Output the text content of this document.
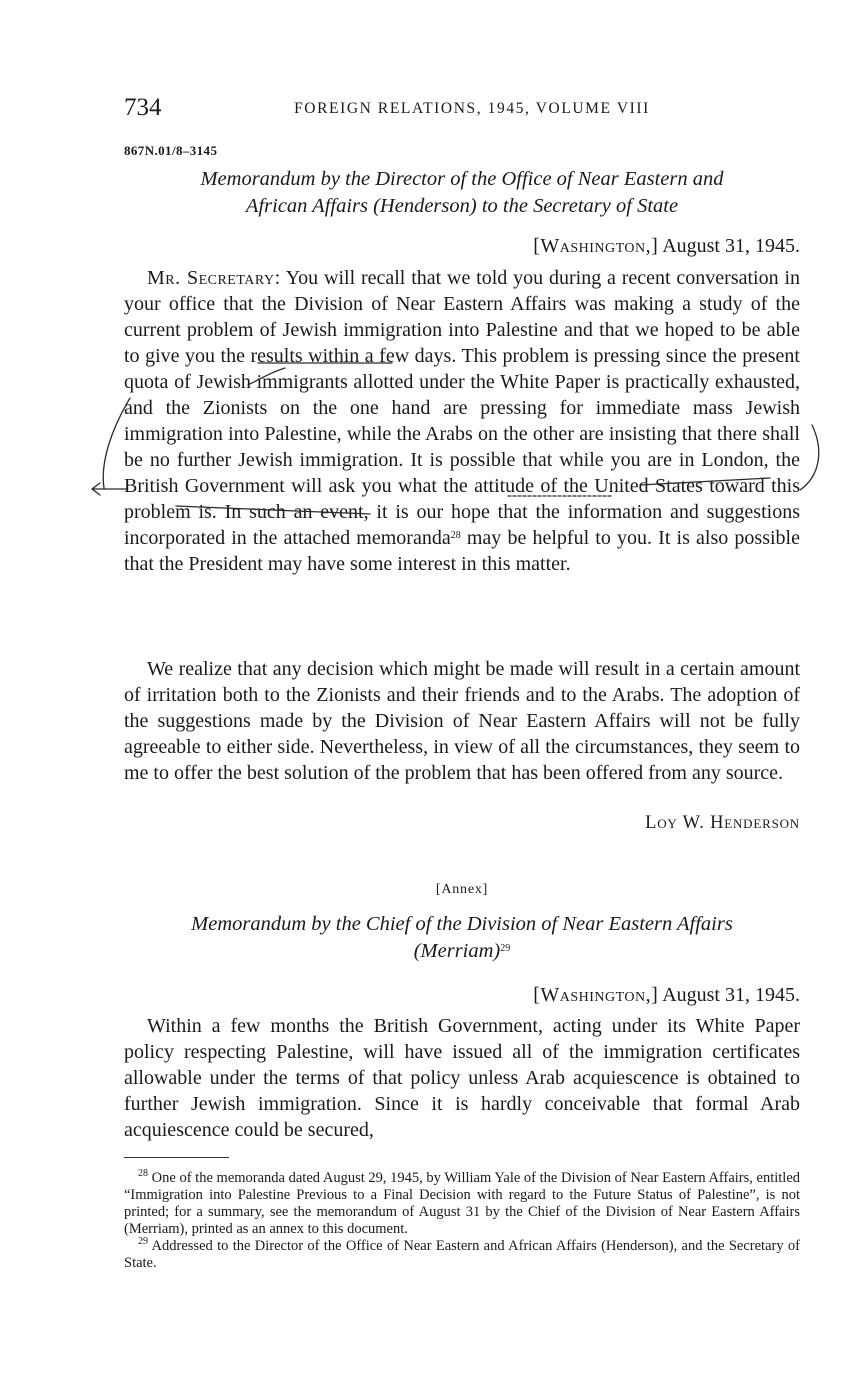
734	FOREIGN RELATIONS, 1945, VOLUME VIII
867N.01/8–3145
Memorandum by the Director of the Office of Near Eastern and
African Affairs (Henderson) to the Secretary of State
[Washington,] August 31, 1945.

Mr. Secretary: You will recall that we told you during a recent conversation in your office that the Division of Near Eastern Affairs was making a study of the current problem of Jewish immigration into Palestine and that we hoped to be able to give you the results within a few days. This problem is pressing since the present quota of Jewish immigrants allotted under the White Paper is practically exhausted, and the Zionists on the one hand are pressing for immediate mass Jewish immigration into Palestine, while the Arabs on the other are insisting that there shall be no further Jewish immigration. It is possible that while you are in London, the British Government will ask you what the attitude of the United States toward this problem is. In such an event, it is our hope that the information and suggestions incorporated in the attached memoranda$^{28}$ may be helpful to you. It is also possible that the President may have some interest in this matter.

We realize that any decision which might be made will result in a certain amount of irritation both to the Zionists and their friends and to the Arabs. The adoption of the suggestions made by the Division of Near Eastern Affairs will not be fully agreeable to either side. Nevertheless, in view of all the circumstances, they seem to me to offer the best solution of the problem that has been offered from any source.

Loy W. Henderson
[Annex]
Memorandum by the Chief of the Division of Near Eastern Affairs
(Merriam)$^{29}$
[Washington,] August 31, 1945.

Within a few months the British Government, acting under its White Paper policy respecting Palestine, will have issued all of the immigration certificates allowable under the terms of that policy unless Arab acquiescence is obtained to further Jewish immigration. Since it is hardly conceivable that formal Arab acquiescence could be secured,

$^{28}$ One of the memoranda dated August 29, 1945, by William Yale of the Division of Near Eastern Affairs, entitled “Immigration into Palestine Previous to a Final Decision with regard to the Future Status of Palestine”, is not printed; for a summary, see the memorandum of August 31 by the Chief of the Division of Near Eastern Affairs (Merriam), printed as an annex to this document.

$^{29}$ Addressed to the Director of the Office of Near Eastern and African Affairs (Henderson), and the Secretary of State.
